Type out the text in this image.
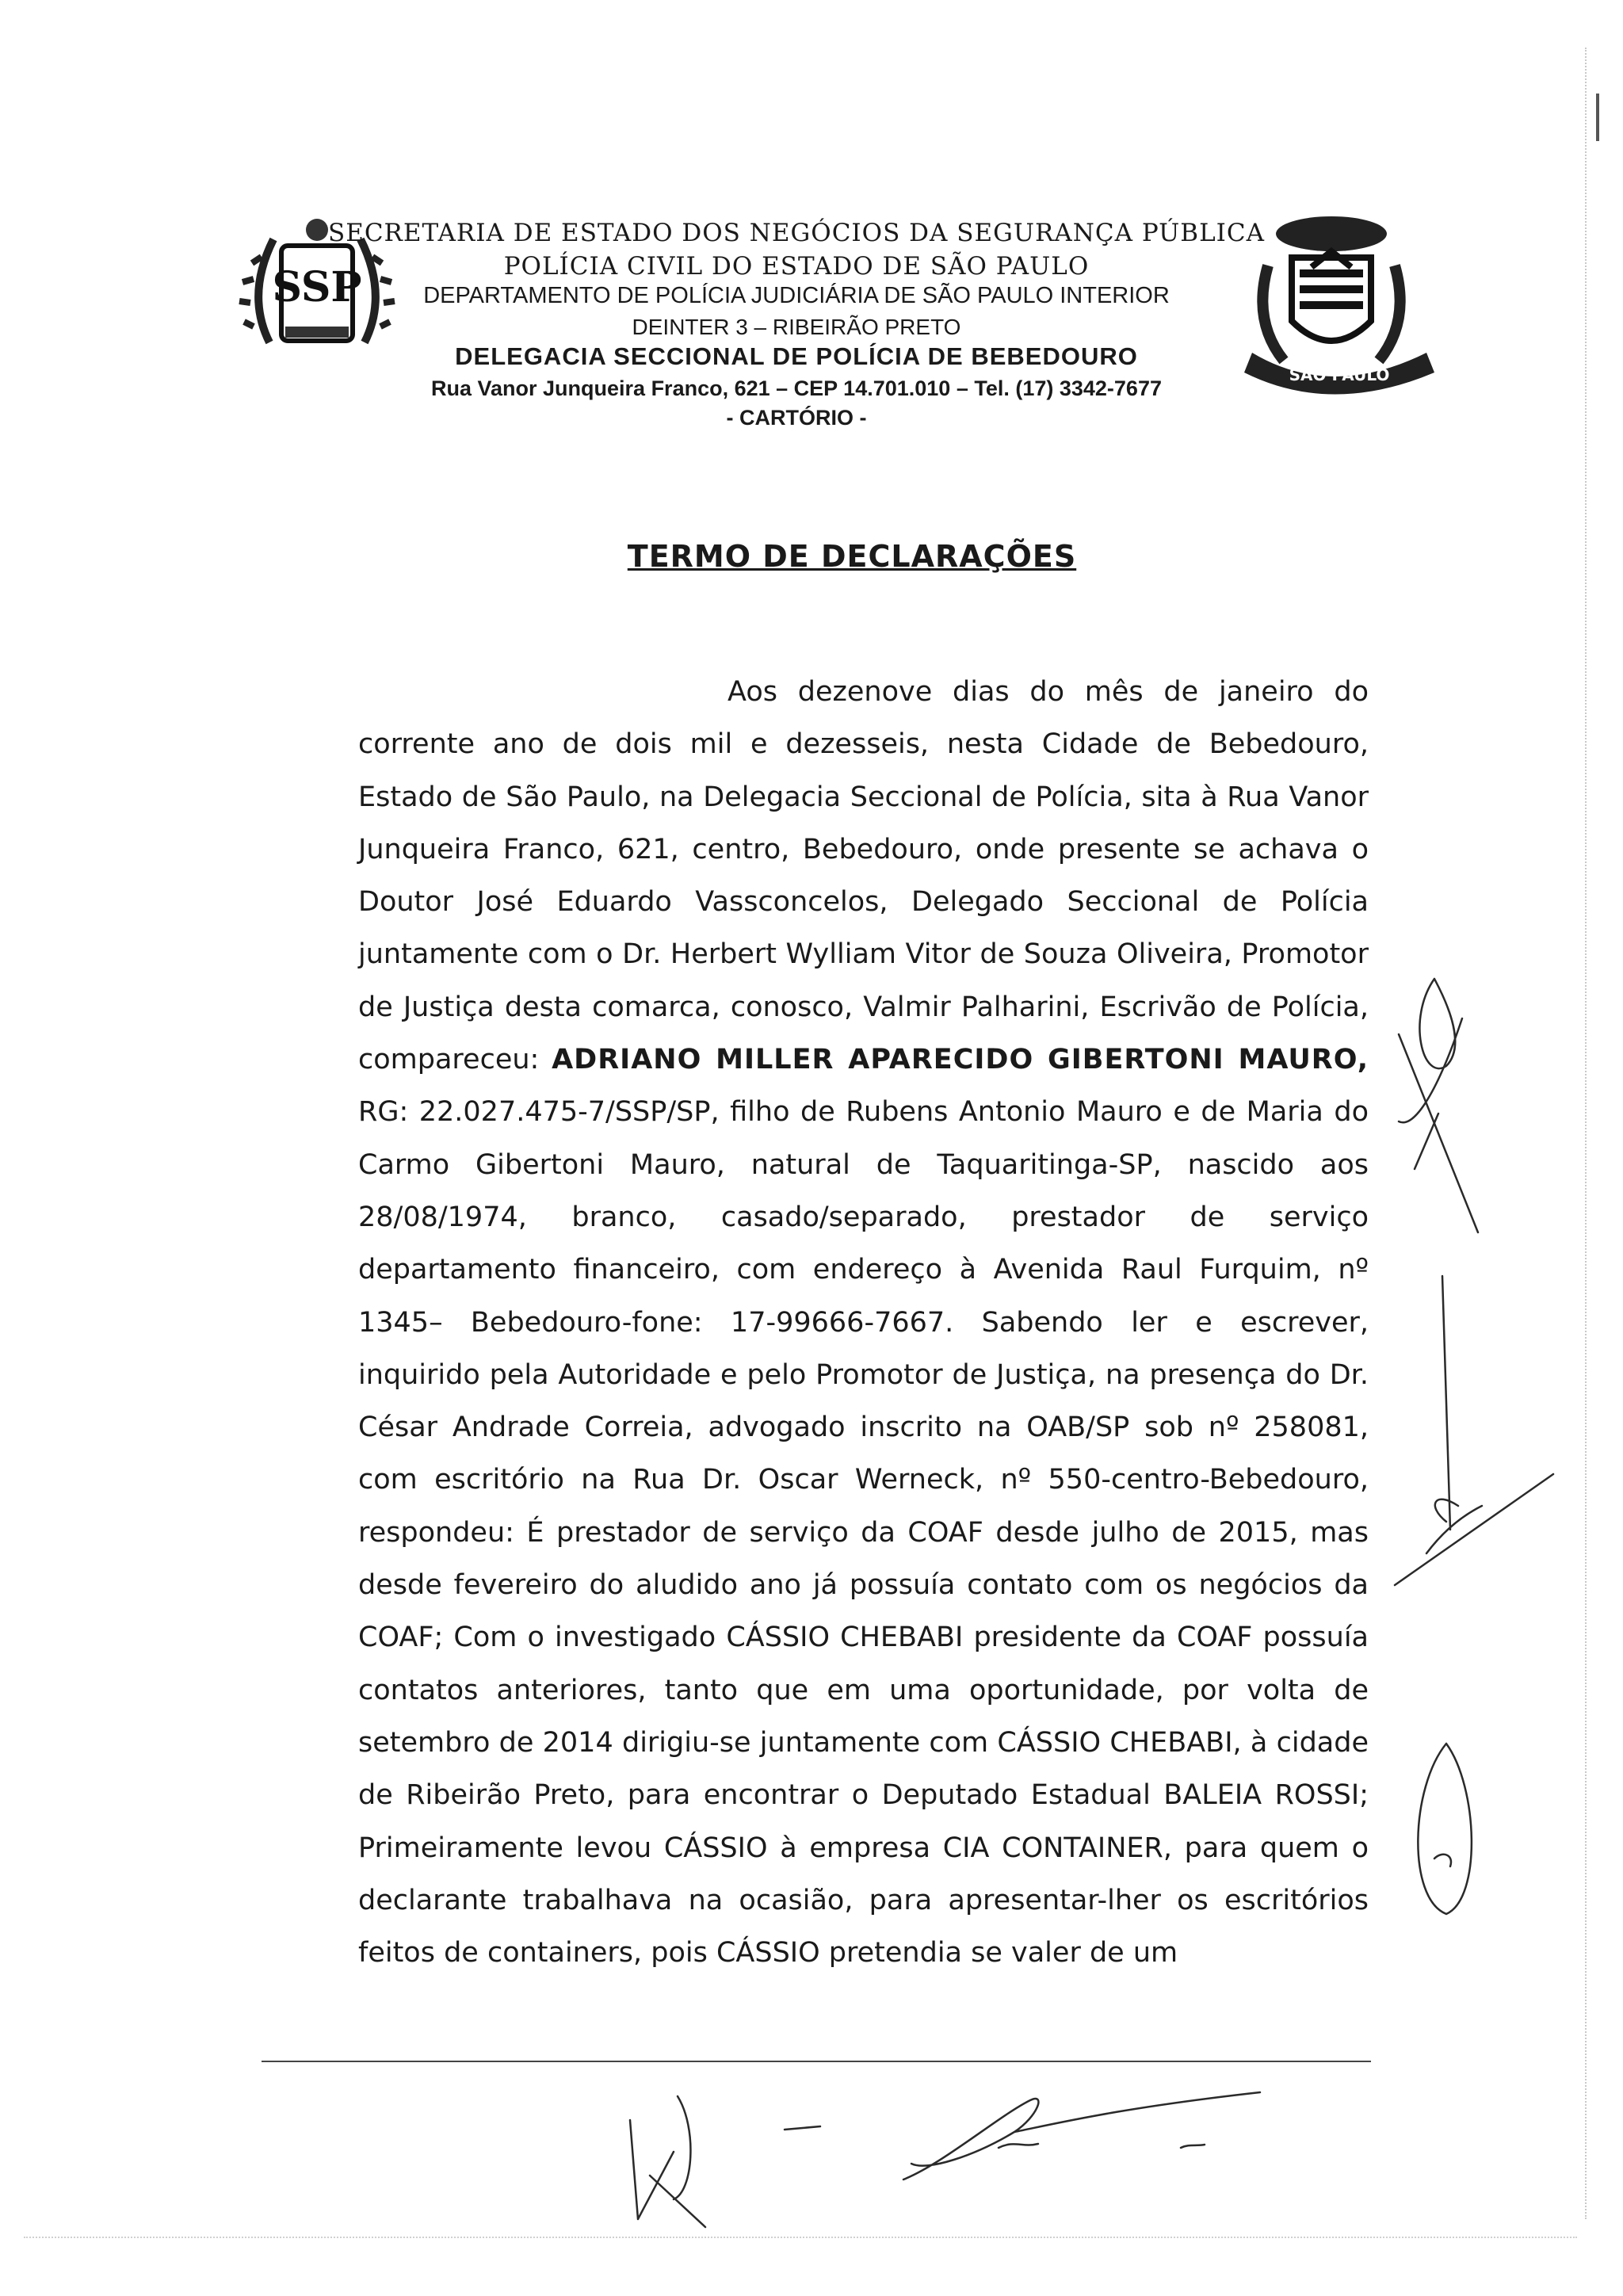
SSP
SÃO PAULO
SECRETARIA DE ESTADO DOS NEGÓCIOS DA SEGURANÇA PÚBLICA
POLÍCIA CIVIL DO ESTADO DE SÃO PAULO
DEPARTAMENTO DE POLÍCIA JUDICIÁRIA DE SÃO PAULO INTERIOR
DEINTER 3 – RIBEIRÃO PRETO
DELEGACIA SECCIONAL DE POLÍCIA DE BEBEDOURO
Rua Vanor Junqueira Franco, 621 – CEP 14.701.010 – Tel. (17) 3342-7677
- CARTÓRIO -
TERMO DE DECLARAÇÕES

Aos dezenove dias do mês de janeiro do corrente ano de dois mil e dezesseis, nesta Cidade de Bebedouro, Estado de São Paulo, na Delegacia Seccional de Polícia, sita à Rua Vanor Junqueira Franco, 621, centro, Bebedouro, onde presente se achava o Doutor José Eduardo Vassconcelos, Delegado Seccional de Polícia juntamente com o Dr. Herbert Wylliam Vitor de Souza Oliveira, Promotor de Justiça desta comarca, conosco, Valmir Palharini, Escrivão de Polícia, compareceu: ADRIANO MILLER APARECIDO GIBERTONI MAURO, RG: 22.027.475-7/SSP/SP, filho de Rubens Antonio Mauro e de Maria do Carmo Gibertoni Mauro, natural de Taquaritinga-SP, nascido aos 28/08/1974, branco, casado/separado, prestador de serviço departamento financeiro, com endereço à Avenida Raul Furquim, nº 1345– Bebedouro-fone: 17-99666-7667. Sabendo ler e escrever, inquirido pela Autoridade e pelo Promotor de Justiça, na presença do Dr. César Andrade Correia, advogado inscrito na OAB/SP sob nº 258081, com escritório na Rua Dr. Oscar Werneck, nº 550-centro-Bebedouro, respondeu: É prestador de serviço da COAF desde julho de 2015, mas desde fevereiro do aludido ano já possuía contato com os negócios da COAF; Com o investigado CÁSSIO CHEBABI presidente da COAF possuía contatos anteriores, tanto que em uma oportunidade, por volta de setembro de 2014 dirigiu-se juntamente com CÁSSIO CHEBABI, à cidade de Ribeirão Preto, para encontrar o Deputado Estadual BALEIA ROSSI; Primeiramente levou CÁSSIO à empresa CIA CONTAINER, para quem o declarante trabalhava na ocasião, para apresentar-lher os escritórios feitos de containers, pois CÁSSIO pretendia se valer de um
